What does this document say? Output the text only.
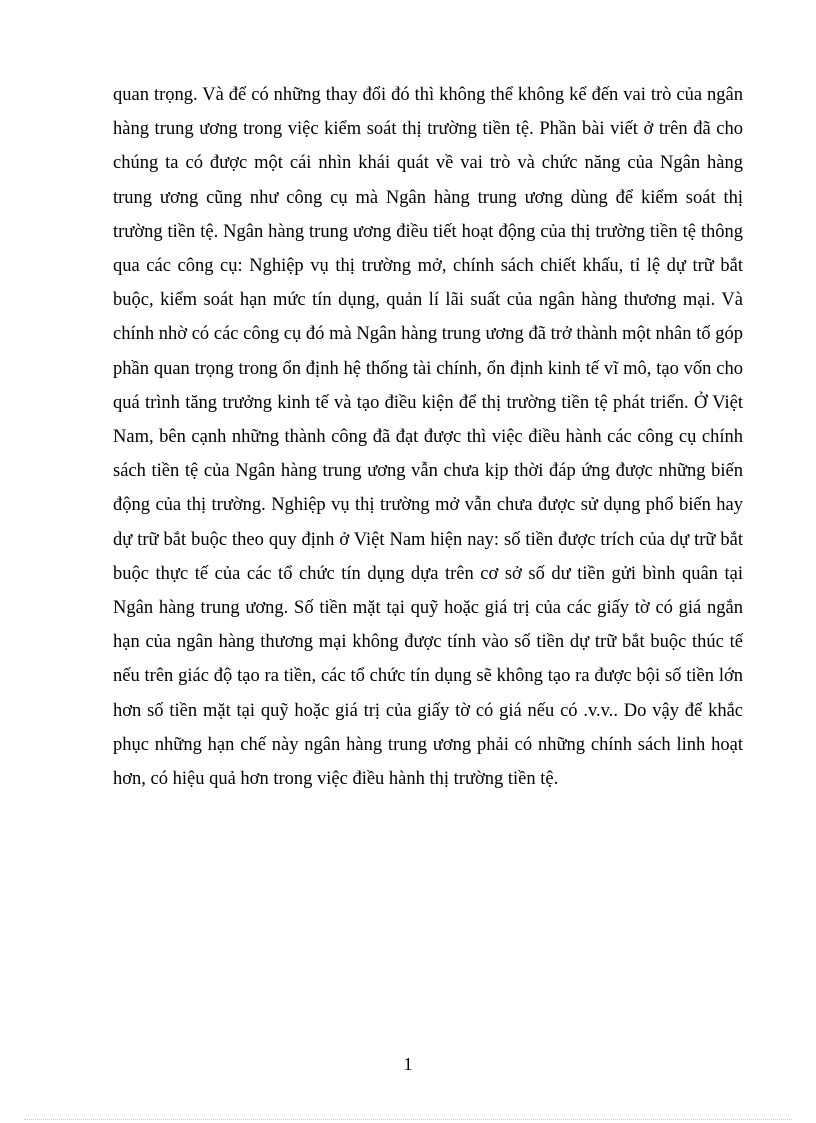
quan trọng. Và để có những thay đổi đó thì không thể không kể đến vai trò của ngân hàng trung ương trong việc kiểm soát thị trường tiền tệ. Phần bài viết ở trên đã cho chúng ta có được một cái nhìn khái quát về vai trò và chức năng của Ngân hàng trung ương cũng như công cụ mà Ngân hàng trung ương dùng để kiểm soát thị trường tiền tệ. Ngân hàng trung ương điều tiết hoạt động của thị trường tiền tệ thông qua các công cụ: Nghiệp vụ thị trường mở, chính sách chiết khấu, tỉ lệ dự trữ bắt buộc, kiểm soát hạn mức tín dụng, quản lí lãi suất của ngân hàng thương mại. Và chính nhờ có các công cụ đó mà Ngân hàng trung ương đã trở thành một nhân tố góp phần quan trọng trong ổn định hệ thống tài chính, ổn định kinh tế vĩ mô, tạo vốn cho quá trình tăng trưởng kinh tế và tạo điều kiện để thị trường tiền tệ phát triển. Ở Việt Nam, bên cạnh những thành công đã đạt được thì việc điều hành các công cụ chính sách tiền tệ của Ngân hàng trung ương vẫn chưa kịp thời đáp ứng được những biến động của thị trường. Nghiệp vụ thị trường mở vẫn chưa được sử dụng phổ biến hay dự trữ bắt buộc theo quy định ở Việt Nam hiện nay: số tiền được trích của dự trữ bắt buộc thực tế của các tổ chức tín dụng dựa trên cơ sở số dư tiền gửi bình quân tại Ngân hàng trung ương. Số tiền mặt tại quỹ hoặc giá trị của các giấy tờ có giá ngắn hạn của ngân hàng thương mại không được tính vào số tiền dự trữ bắt buộc thúc tế nếu trên giác độ tạo ra tiền, các tổ chức tín dụng sẽ không tạo ra được bội số tiền lớn hơn số tiền mặt tại quỹ hoặc giá trị của giấy tờ có giá nếu có .v.v.. Do vậy để khắc phục những hạn chế này ngân hàng trung ương phải có những chính sách linh hoạt hơn, có hiệu quả hơn trong việc điều hành thị trường tiền tệ.

1
